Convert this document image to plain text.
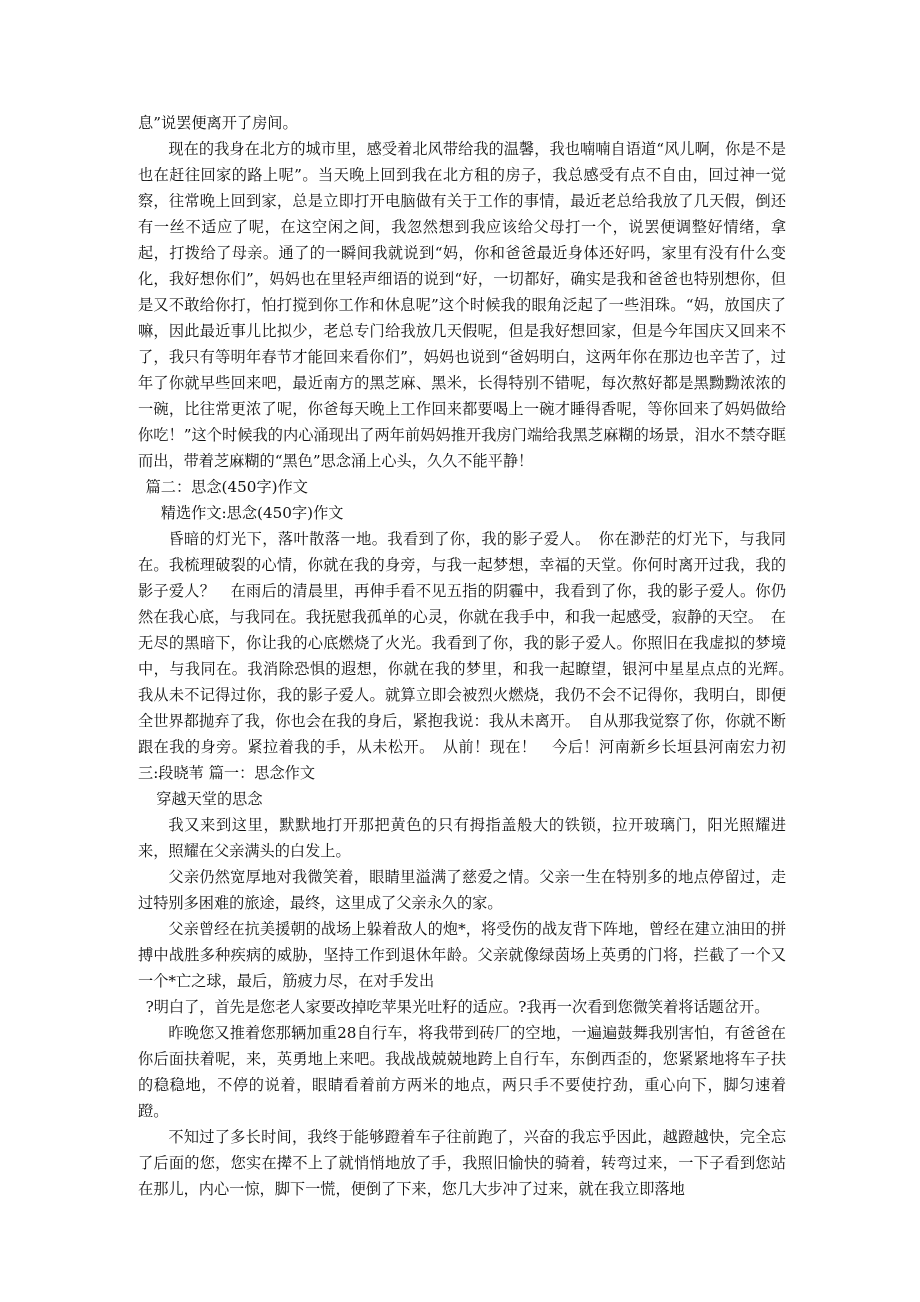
息”说罢便离开了房间。

现在的我身在北方的城市里，感受着北风带给我的温馨，我也喃喃自语道“风儿啊，你是不是也在赶往回家的路上呢”。当天晚上回到我在北方租的房子，我总感受有点不自由，回过神一觉察，往常晚上回到家，总是立即打开电脑做有关于工作的事情，最近老总给我放了几天假，倒还有一丝不适应了呢，在这空闲之间，我忽然想到我应该给父母打一个，说罢便调整好情绪，拿起，打拨给了母亲。通了的一瞬间我就说到“妈，你和爸爸最近身体还好吗，家里有没有什么变化，我好想你们”，妈妈也在里轻声细语的说到“好，一切都好，确实是我和爸爸也特别想你，但是又不敢给你打，怕打搅到你工作和休息呢”这个时候我的眼角泛起了一些泪珠。“妈，放国庆了嘛，因此最近事儿比拟少，老总专门给我放几天假呢，但是我好想回家，但是今年国庆又回来不了，我只有等明年春节才能回来看你们”，妈妈也说到“爸妈明白，这两年你在那边也辛苦了，过年了你就早些回来吧，最近南方的黑芝麻、黑米，长得特别不错呢，每次熬好都是黑黝黝浓浓的一碗，比往常更浓了呢，你爸每天晚上工作回来都要喝上一碗才睡得香呢，等你回来了妈妈做给你吃！”这个时候我的内心涌现出了两年前妈妈推开我房门端给我黑芝麻糊的场景，泪水不禁夺眶而出，带着芝麻糊的“黑色”思念涌上心头，久久不能平静！

篇二：思念(450字)作文

精选作文:思念(450字)作文

昏暗的灯光下，落叶散落一地。我看到了你，我的影子爱人。　你在渺茫的灯光下，与我同在。我梳理破裂的心情，你就在我的身旁，与我一起梦想，幸福的天堂。你何时离开过我，我的影子爱人？　在雨后的清晨里，再伸手看不见五指的阴霾中，我看到了你，我的影子爱人。你仍然在我心底，与我同在。我抚慰我孤单的心灵，你就在我手中，和我一起感受，寂静的天空。　在无尽的黑暗下，你让我的心底燃烧了火光。我看到了你，我的影子爱人。你照旧在我虚拟的梦境中，与我同在。我消除恐惧的遐想，你就在我的梦里，和我一起瞭望，银河中星星点点的光辉。　我从未不记得过你，我的影子爱人。就算立即会被烈火燃烧，我仍不会不记得你，我明白，即便全世界都抛弃了我，你也会在我的身后，紧抱我说：我从未离开。　自从那我觉察了你，你就不断跟在我的身旁。紧拉着我的手，从未松开。　从前！现在！　今后！河南新乡长垣县河南宏力初三:段晓苇 篇一：思念作文

穿越天堂的思念

我又来到这里，默默地打开那把黄色的只有拇指盖般大的铁锁，拉开玻璃门，阳光照耀进来，照耀在父亲满头的白发上。

父亲仍然宽厚地对我微笑着，眼睛里溢满了慈爱之情。父亲一生在特别多的地点停留过，走过特别多困难的旅途，最终，这里成了父亲永久的家。

父亲曾经在抗美援朝的战场上躲着敌人的炮*，将受伤的战友背下阵地，曾经在建立油田的拼搏中战胜多种疾病的威胁，坚持工作到退休年龄。父亲就像绿茵场上英勇的门将，拦截了一个又一个*亡之球，最后，筋疲力尽，在对手发出

?明白了，首先是您老人家要改掉吃苹果光吐籽的适应。?我再一次看到您微笑着将话题岔开。

昨晚您又推着您那辆加重28自行车，将我带到砖厂的空地，一遍遍鼓舞我别害怕，有爸爸在你后面扶着呢，来，英勇地上来吧。我战战兢兢地跨上自行车，东倒西歪的，您紧紧地将车子扶的稳稳地，不停的说着，眼睛看着前方两米的地点，两只手不要使拧劲，重心向下，脚匀速着蹬。

不知过了多长时间，我终于能够蹬着车子往前跑了，兴奋的我忘乎因此，越蹬越快，完全忘了后面的您，您实在撵不上了就悄悄地放了手，我照旧愉快的骑着，转弯过来，一下子看到您站在那儿，内心一惊，脚下一慌，便倒了下来，您几大步冲了过来，就在我立即落地
